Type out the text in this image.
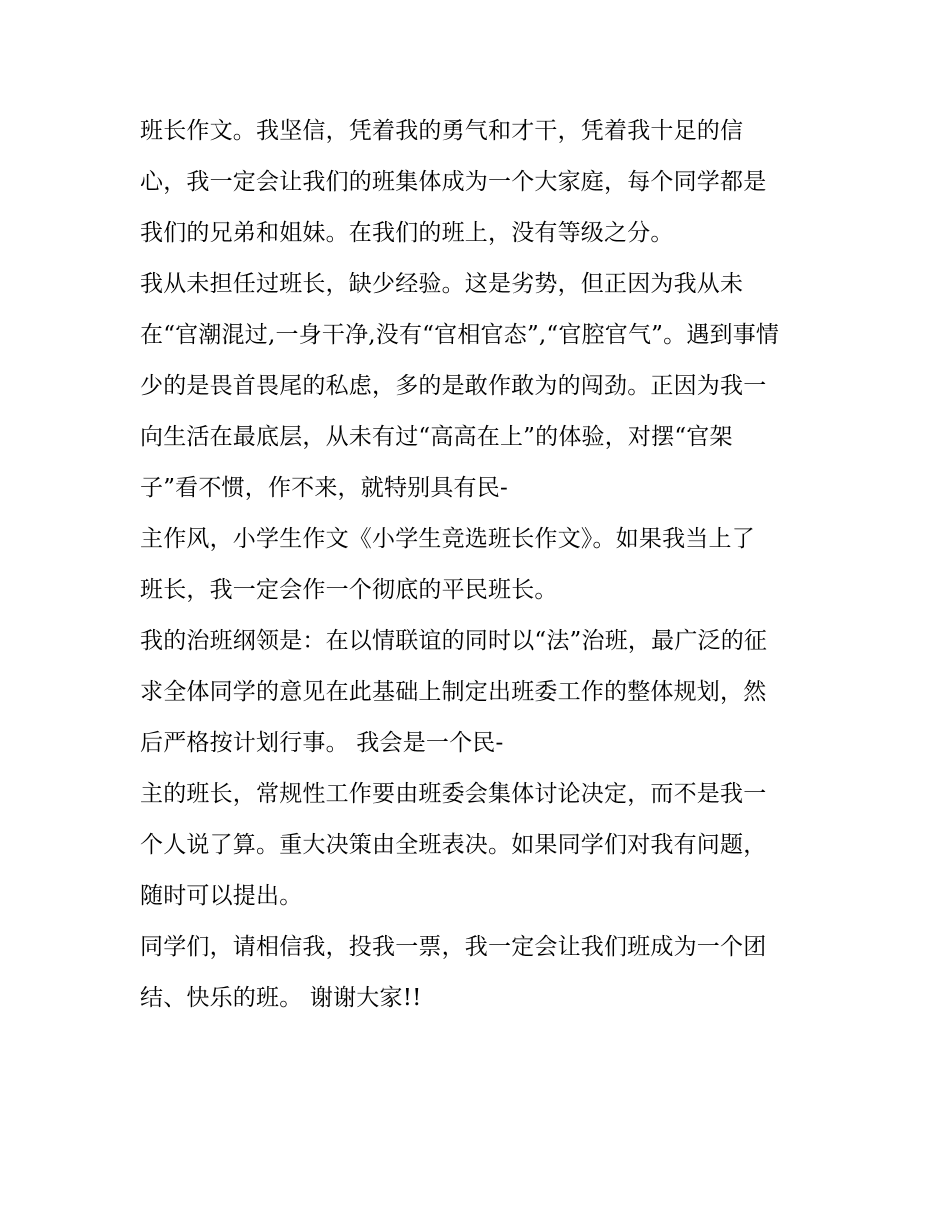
班长作文。我坚信，凭着我的勇气和才干，凭着我十足的信
心，我一定会让我们的班集体成为一个大家庭，每个同学都是
我们的兄弟和姐妹。在我们的班上，没有等级之分。
我从未担任过班长，缺少经验。这是劣势，但正因为我从未
在“官潮混过,一身干净,没有“官相官态”,“官腔官气”。遇到事情
少的是畏首畏尾的私虑，多的是敢作敢为的闯劲。正因为我一
向生活在最底层，从未有过“高高在上”的体验，对摆“官架
子”看不惯，作不来，就特别具有民-
主作风，小学生作文《小学生竞选班长作文》。如果我当上了
班长，我一定会作一个彻底的平民班长。
我的治班纲领是：在以情联谊的同时以“法”治班，最广泛的征
求全体同学的意见在此基础上制定出班委工作的整体规划，然
后严格按计划行事。 我会是一个民-
主的班长，常规性工作要由班委会集体讨论决定，而不是我一
个人说了算。重大决策由全班表决。如果同学们对我有问题，
随时可以提出。
同学们，请相信我，投我一票，我一定会让我们班成为一个团
结、快乐的班。 谢谢大家!!
